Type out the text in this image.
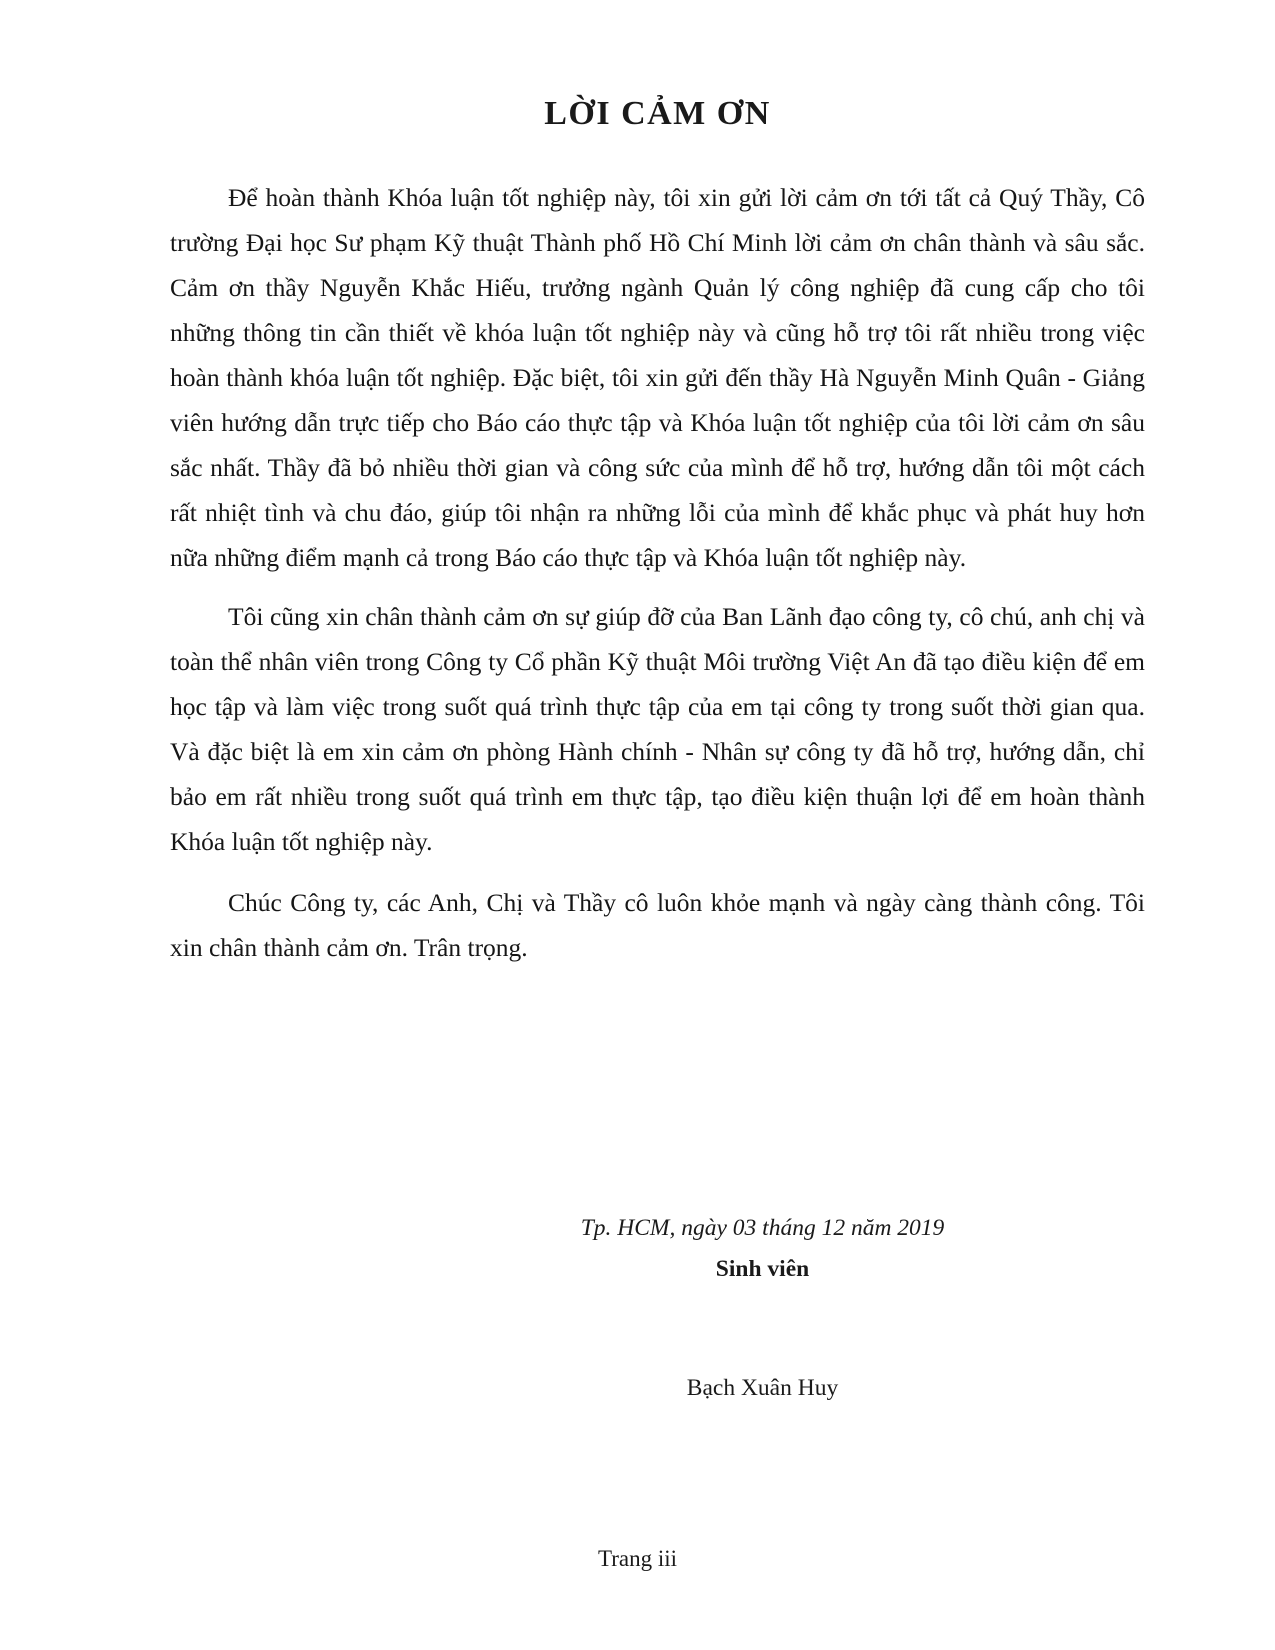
LỜI CẢM ƠN

Để hoàn thành Khóa luận tốt nghiệp này, tôi xin gửi lời cảm ơn tới tất cả Quý Thầy, Cô trường Đại học Sư phạm Kỹ thuật Thành phố Hồ Chí Minh lời cảm ơn chân thành và sâu sắc. Cảm ơn thầy Nguyễn Khắc Hiếu, trưởng ngành Quản lý công nghiệp đã cung cấp cho tôi những thông tin cần thiết về khóa luận tốt nghiệp này và cũng hỗ trợ tôi rất nhiều trong việc hoàn thành khóa luận tốt nghiệp. Đặc biệt, tôi xin gửi đến thầy Hà Nguyễn Minh Quân - Giảng viên hướng dẫn trực tiếp cho Báo cáo thực tập và Khóa luận tốt nghiệp của tôi lời cảm ơn sâu sắc nhất. Thầy đã bỏ nhiều thời gian và công sức của mình để hỗ trợ, hướng dẫn tôi một cách rất nhiệt tình và chu đáo, giúp tôi nhận ra những lỗi của mình để khắc phục và phát huy hơn nữa những điểm mạnh cả trong Báo cáo thực tập và Khóa luận tốt nghiệp này.

Tôi cũng xin chân thành cảm ơn sự giúp đỡ của Ban Lãnh đạo công ty, cô chú, anh chị và toàn thể nhân viên trong Công ty Cổ phần Kỹ thuật Môi trường Việt An đã tạo điều kiện để em học tập và làm việc trong suốt quá trình thực tập của em tại công ty trong suốt thời gian qua. Và đặc biệt là em xin cảm ơn phòng Hành chính - Nhân sự công ty đã hỗ trợ, hướng dẫn, chỉ bảo em rất nhiều trong suốt quá trình em thực tập, tạo điều kiện thuận lợi để em hoàn thành Khóa luận tốt nghiệp này.

Chúc Công ty, các Anh, Chị và Thầy cô luôn khỏe mạnh và ngày càng thành công. Tôi xin chân thành cảm ơn. Trân trọng.

Tp. HCM, ngày 03 tháng 12 năm 2019
Sinh viên
Bạch Xuân Huy
Trang iii
